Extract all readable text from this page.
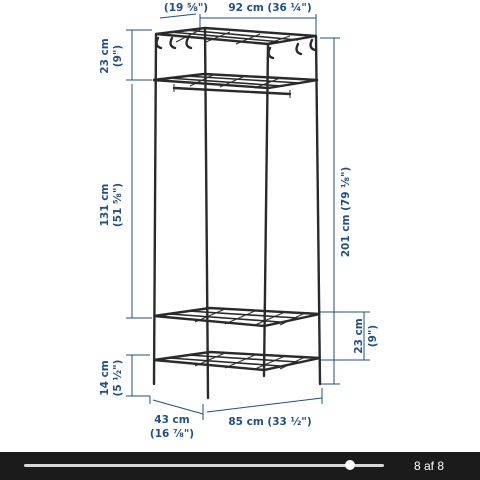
(19 ⅝") 92 cm (36 ¼")
23 cm (9")
131 cm (51 ⅝")
14 cm (5 ½")
201 cm (79 ⅛")
23 cm (9")
43 cm
(16 ⅞")
85 cm (33 ½")
8 af 8
